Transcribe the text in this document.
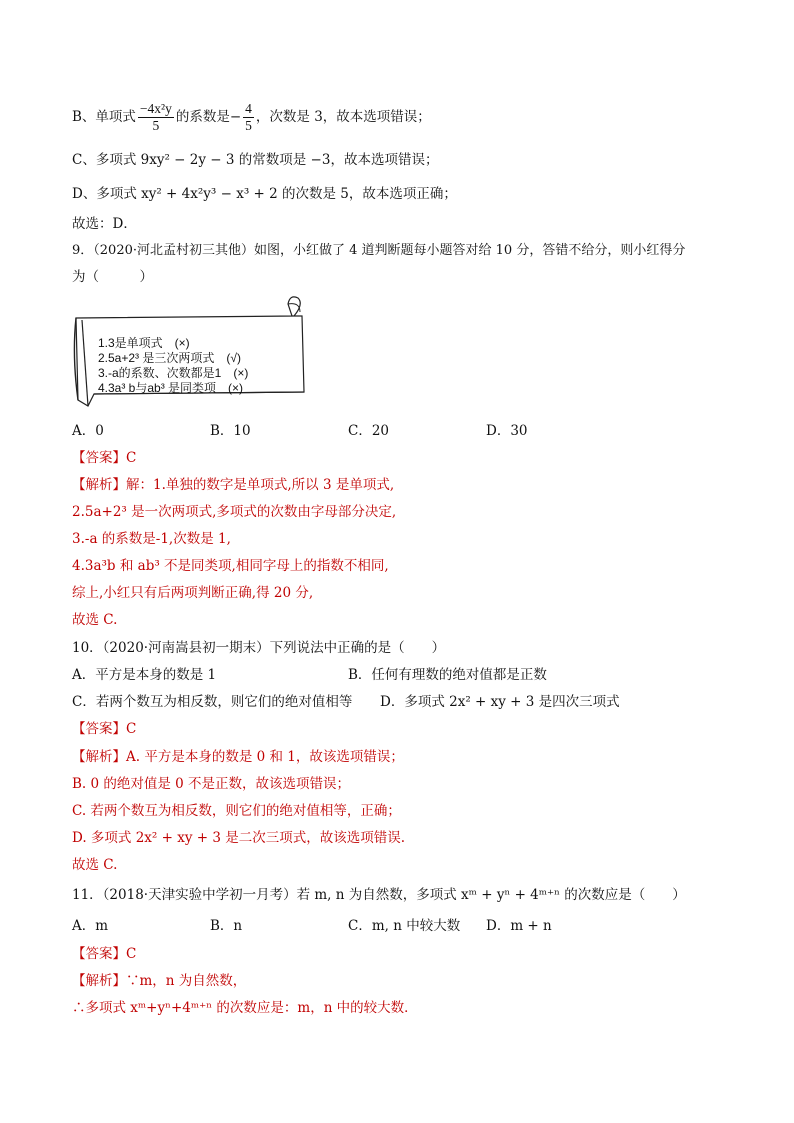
B、单项式 $\frac{\text{−4x²y}}{5}$ 的系数是− $\frac{4}{5}$ ，次数是 3，故本选项错误；
C、多项式 9xy² − 2y − 3 的常数项是 −3，故本选项错误；
D、多项式 xy² + 4x²y³ − x³ + 2 的次数是 5，故本选项正确；
故选：D．
9．（2020·河北孟村初三其他）如图，小红做了 4 道判断题每小题答对给 10 分，答错不给分，则小红得分
为（　　　）
1.3是单项式　(×)
2.5a+2³ 是三次两项式　(√)
3.-a的系数、次数都是1　(×)
4.3a³ b与ab³ 是同类项　(×)
A．0	B．10	C．20	D．30
【答案】C
【解析】解：1.单独的数字是单项式,所以 3 是单项式,
2.5a+2³ 是一次两项式,多项式的次数由字母部分决定,
3.-a 的系数是-1,次数是 1,
4.3a³b 和 ab³ 不是同类项,相同字母上的指数不相同,
综上,小红只有后两项判断正确,得 20 分,
故选 C.
10．（2020·河南嵩县初一期末）下列说法中正确的是（　　）
A．平方是本身的数是 1	B．任何有理数的绝对值都是正数
C．若两个数互为相反数，则它们的绝对值相等 D．多项式 2x² + xy + 3 是四次三项式
【答案】C
【解析】A. 平方是本身的数是 0 和 1，故该选项错误；
B. 0 的绝对值是 0 不是正数，故该选项错误；
C. 若两个数互为相反数，则它们的绝对值相等，正确；
D. 多项式 2x² + xy + 3 是二次三项式，故该选项错误.
故选 C.
11．（2018·天津实验中学初一月考）若 m, n 为自然数，多项式 xᵐ + yⁿ + 4ᵐ⁺ⁿ 的次数应是（　　）
A．m	B．n	C．m, n 中较大数 D．m + n
【答案】C
【解析】∵m，n 为自然数，
∴多项式 xᵐ+yⁿ+4ᵐ⁺ⁿ 的次数应是：m，n 中的较大数．
